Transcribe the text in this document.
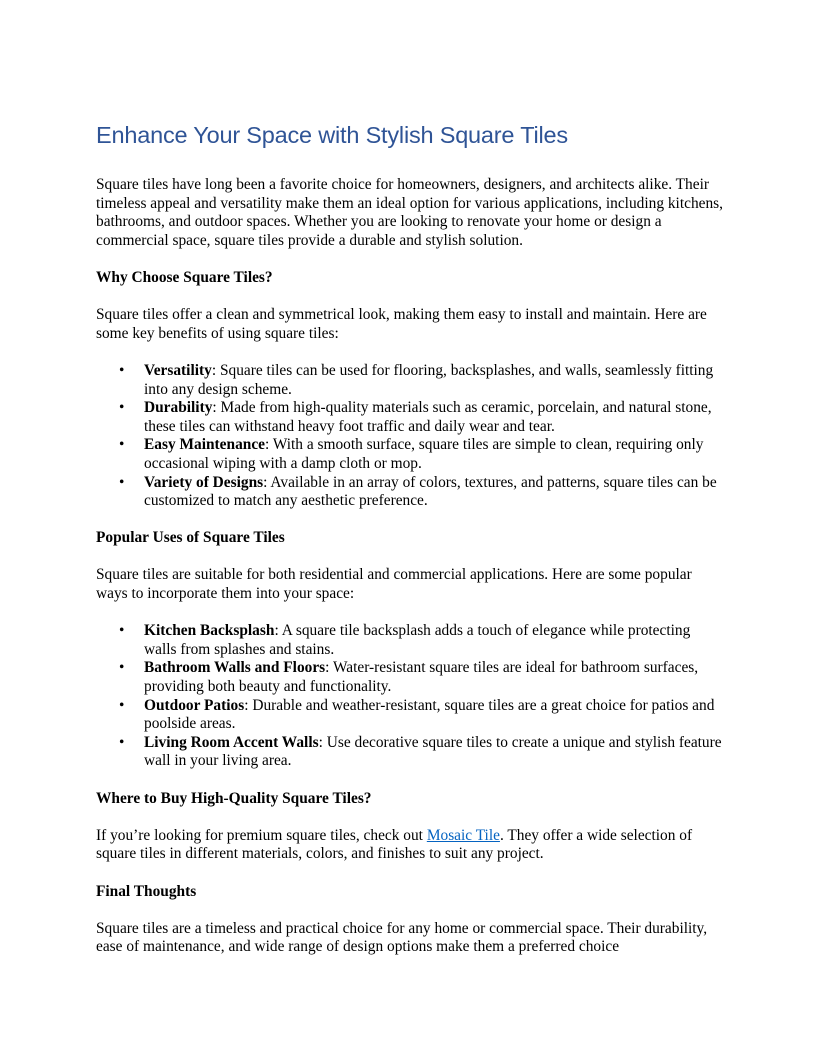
Enhance Your Space with Stylish Square Tiles

Square tiles have long been a favorite choice for homeowners, designers, and architects alike. Their timeless appeal and versatility make them an ideal option for various applications, including kitchens, bathrooms, and outdoor spaces. Whether you are looking to renovate your home or design a commercial space, square tiles provide a durable and stylish solution.

Why Choose Square Tiles?

Square tiles offer a clean and symmetrical look, making them easy to install and maintain. Here are some key benefits of using square tiles:

• Versatility: Square tiles can be used for flooring, backsplashes, and walls, seamlessly fitting into any design scheme.
• Durability: Made from high-quality materials such as ceramic, porcelain, and natural stone, these tiles can withstand heavy foot traffic and daily wear and tear.
• Easy Maintenance: With a smooth surface, square tiles are simple to clean, requiring only occasional wiping with a damp cloth or mop.
• Variety of Designs: Available in an array of colors, textures, and patterns, square tiles can be customized to match any aesthetic preference.
Popular Uses of Square Tiles

Square tiles are suitable for both residential and commercial applications. Here are some popular ways to incorporate them into your space:

• Kitchen Backsplash: A square tile backsplash adds a touch of elegance while protecting walls from splashes and stains.
• Bathroom Walls and Floors: Water-resistant square tiles are ideal for bathroom surfaces, providing both beauty and functionality.
• Outdoor Patios: Durable and weather-resistant, square tiles are a great choice for patios and poolside areas.
• Living Room Accent Walls: Use decorative square tiles to create a unique and stylish feature wall in your living area.
Where to Buy High-Quality Square Tiles?

If you’re looking for premium square tiles, check out Mosaic Tile. They offer a wide selection of square tiles in different materials, colors, and finishes to suit any project.

Final Thoughts

Square tiles are a timeless and practical choice for any home or commercial space. Their durability, ease of maintenance, and wide range of design options make them a preferred choice
